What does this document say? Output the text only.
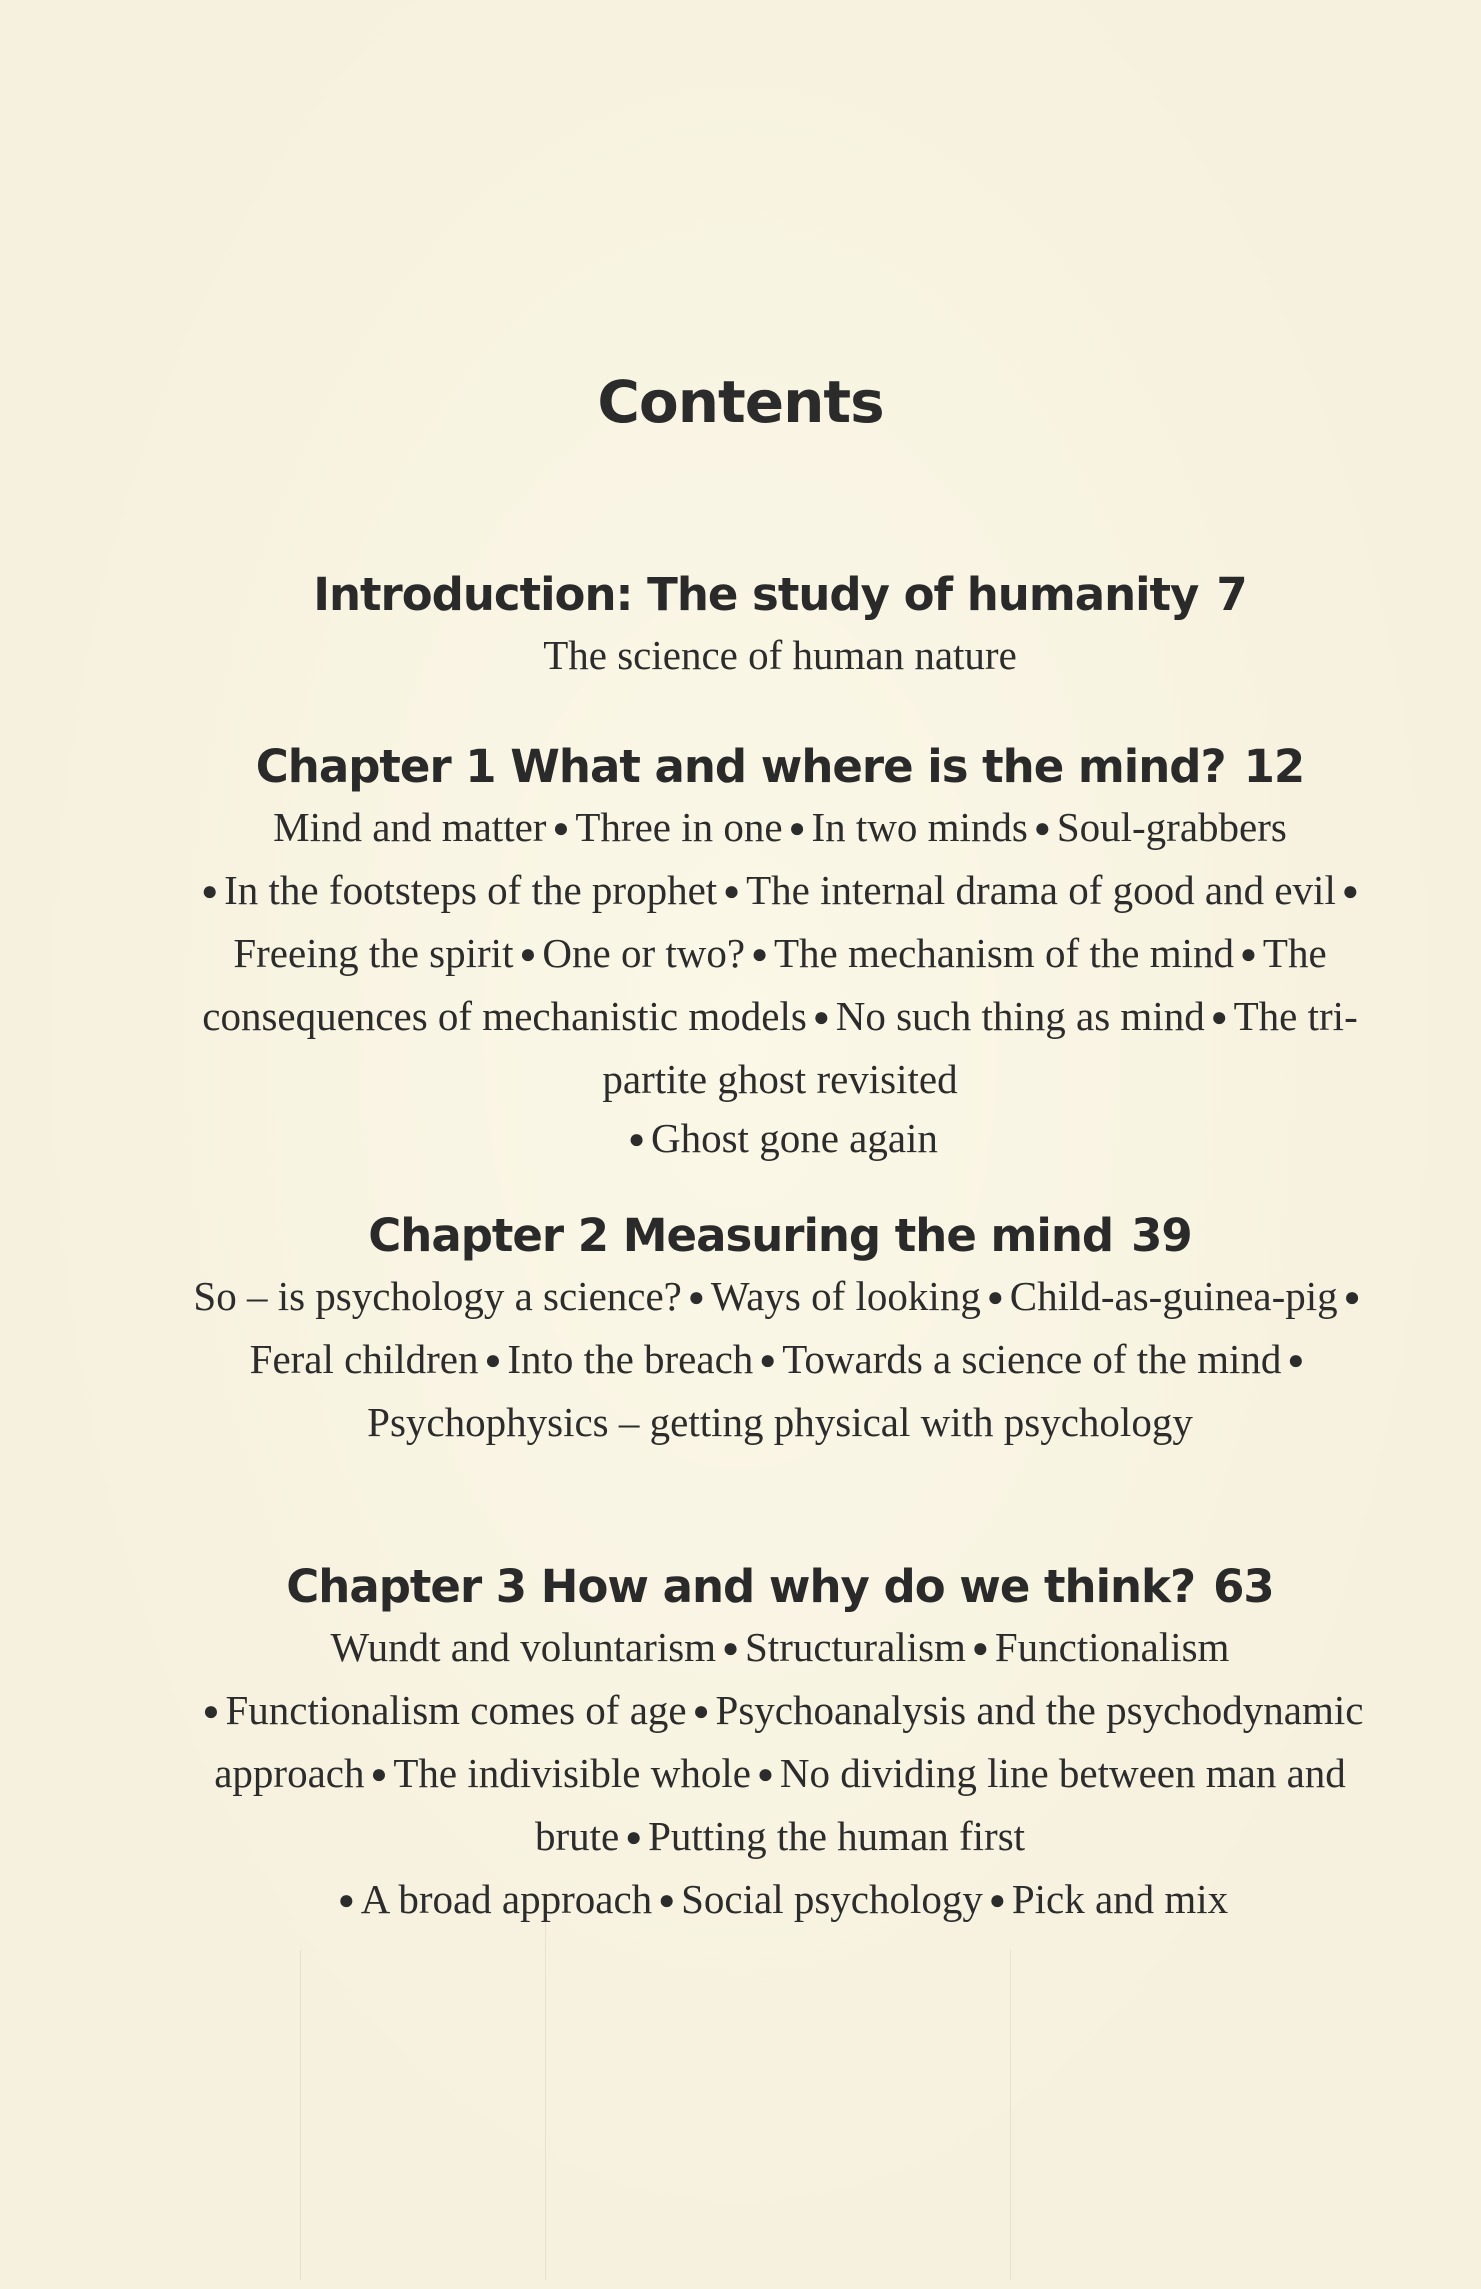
Contents

Introduction: The study of humanity 7

The science of human nature

Chapter 1 What and where is the mind? 12

Mind and matter ● Three in one ● In two minds ● Soul-grabbers
● In the footsteps of the prophet ● The internal drama of good and evil ●Freeing the spirit ● One or two? ● The mechanism of the mind ● The consequences of mechanistic models ● No such thing as mind ● The tri-partite ghost revisited
● Ghost gone again

Chapter 2 Measuring the mind 39

So – is psychology a science? ● Ways of looking ● Child-as-guinea-pig ●Feral children ● Into the breach ● Towards a science of the mind ●Psychophysics – getting physical with psychology

Chapter 3 How and why do we think? 63

Wundt and voluntarism ● Structuralism ● Functionalism
● Functionalism comes of age ● Psychoanalysis and the psychodynamic approach ● The indivisible whole ● No dividing line between man and brute ● Putting the human first
● A broad approach ● Social psychology ● Pick and mix
